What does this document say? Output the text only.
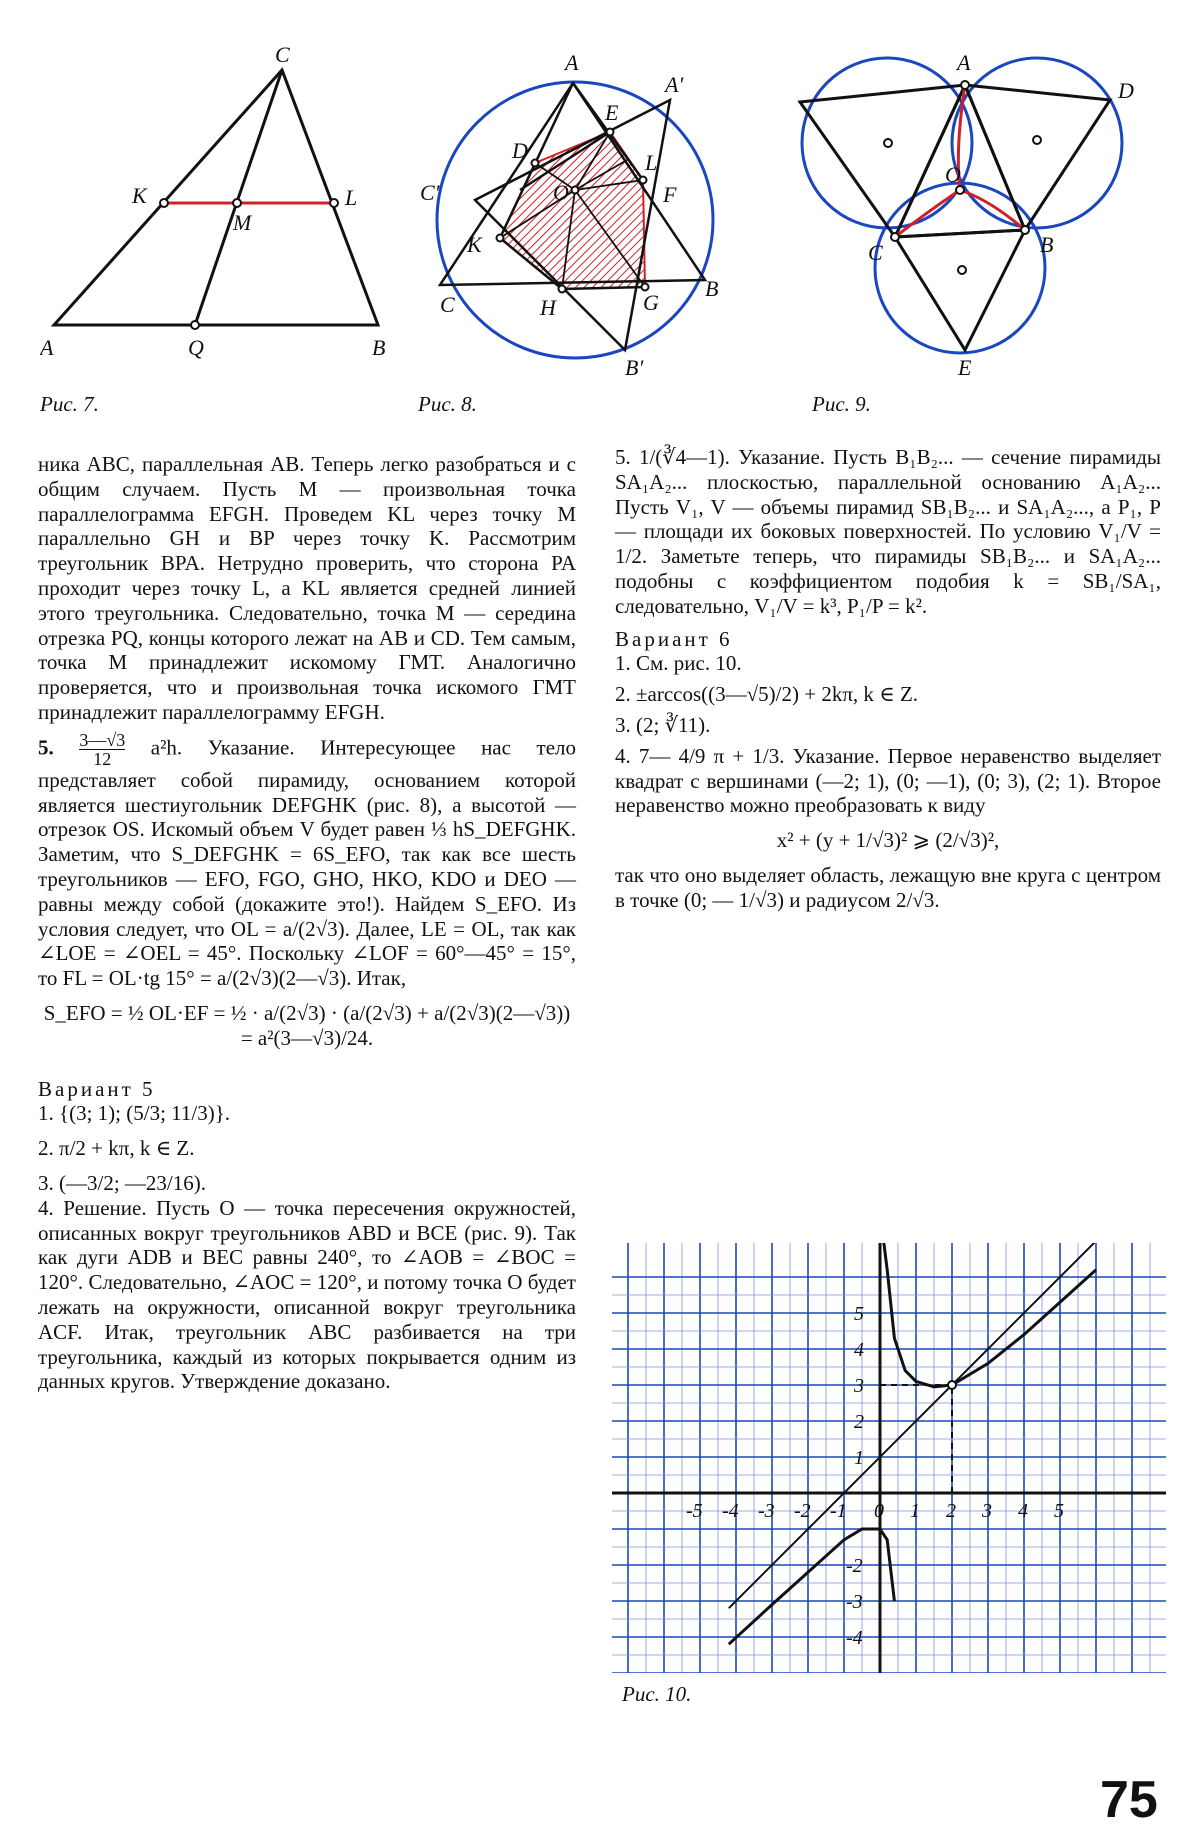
C
K
M
L
A	Q	B
Рис. 7.
A
A′
E
D	L
C′	O	F
K
C	H	G
B
B′
Рис. 8.
A
D
O
C	B
E
Рис. 9.

ника ABC, параллельная AB. Теперь легко разобраться и с общим случаем. Пусть M — произвольная точка параллелограмма EFGH. Проведем KL через точку M параллельно GH и BP через точку K. Рассмотрим треугольник BPA. Нетрудно проверить, что сторона PA проходит через точку L, а KL является средней линией этого треугольника. Следовательно, точка M — середина отрезка PQ, концы которого лежат на AB и CD. Тем самым, точка M принадлежит искомому ГМТ. Аналогично проверяется, что и произвольная точка искомого ГМТ принадлежит параллелограмму EFGH.

5. $\frac{3—√3}{12} a^2h$. Указание. Интересующее нас тело представляет собой пирамиду, основанием которой является шестиугольник DEFGHK (рис. 8), а высотой — отрезок OS. Искомый объем V будет равен ⅓ hS_DEFGHK. Заметим, что S_DEFGHK = 6S_EFO, так как все шесть треугольников — EFO, FGO, GHO, HKO, KDO и DEO — равны между собой (докажите это!). Найдем S_EFO. Из условия следует, что OL = a/(2√3). Далее, LE = OL, так как ∠LOE = ∠OEL = 45°. Поскольку ∠LOF = 60°—45° = 15°, то FL = OL·tg 15° = a/(2√3)(2—√3). Итак,

S_EFO = ½ OL·EF = ½ · a/(2√3) · (a/(2√3) + a/(2√3)(2—√3)) = a²(3—√3)/24.

Вариант 5

1. {(3; 1); (5/3; 11/3)}.

2. π/2 + kπ, k ∈ Z.

3. (—3/2; —23/16).

4. Решение. Пусть O — точка пересечения окружностей, описанных вокруг треугольников ABD и BCE (рис. 9). Так как дуги ADB и BEC равны 240°, то ∠AOB = ∠BOC = 120°. Следовательно, ∠AOC = 120°, и потому точка O будет лежать на окружности, описанной вокруг треугольника ACF. Итак, треугольник ABC разбивается на три треугольника, каждый из которых покрывается одним из данных кругов. Утверждение доказано.

5. 1/(∛4—1). Указание. Пусть B₁B₂... — сечение пирамиды SA₁A₂... плоскостью, параллельной основанию A₁A₂... Пусть V₁, V — объемы пирамид SB₁B₂... и SA₁A₂..., а P₁, P — площади их боковых поверхностей. По условию V₁/V = 1/2. Заметьте теперь, что пирамиды SB₁B₂... и SA₁A₂... подобны с коэффициентом подобия k = SB₁/SA₁, следовательно, V₁/V = k³, P₁/P = k².

Вариант 6

1. См. рис. 10.

2. ±arccos((3—√5)/2) + 2kπ, k ∈ Z.

3. (2; ∛11).

4. 7— 4/9 π + 1/3. Указание. Первое неравенство выделяет квадрат с вершинами (—2; 1), (0; —1), (0; 3), (2; 1). Второе неравенство можно преобразовать к виду

x² + (y + 1/√3)² ⩾ (2/√3)²,

так что оно выделяет область, лежащую вне круга с центром в точке (0; — 1/√3) и радиусом 2/√3.

-5 -4 -3 -2 -1 0 1 2 3 4 5
5
4
3
2
1
-2
-3
-4
Рис. 10.
75
